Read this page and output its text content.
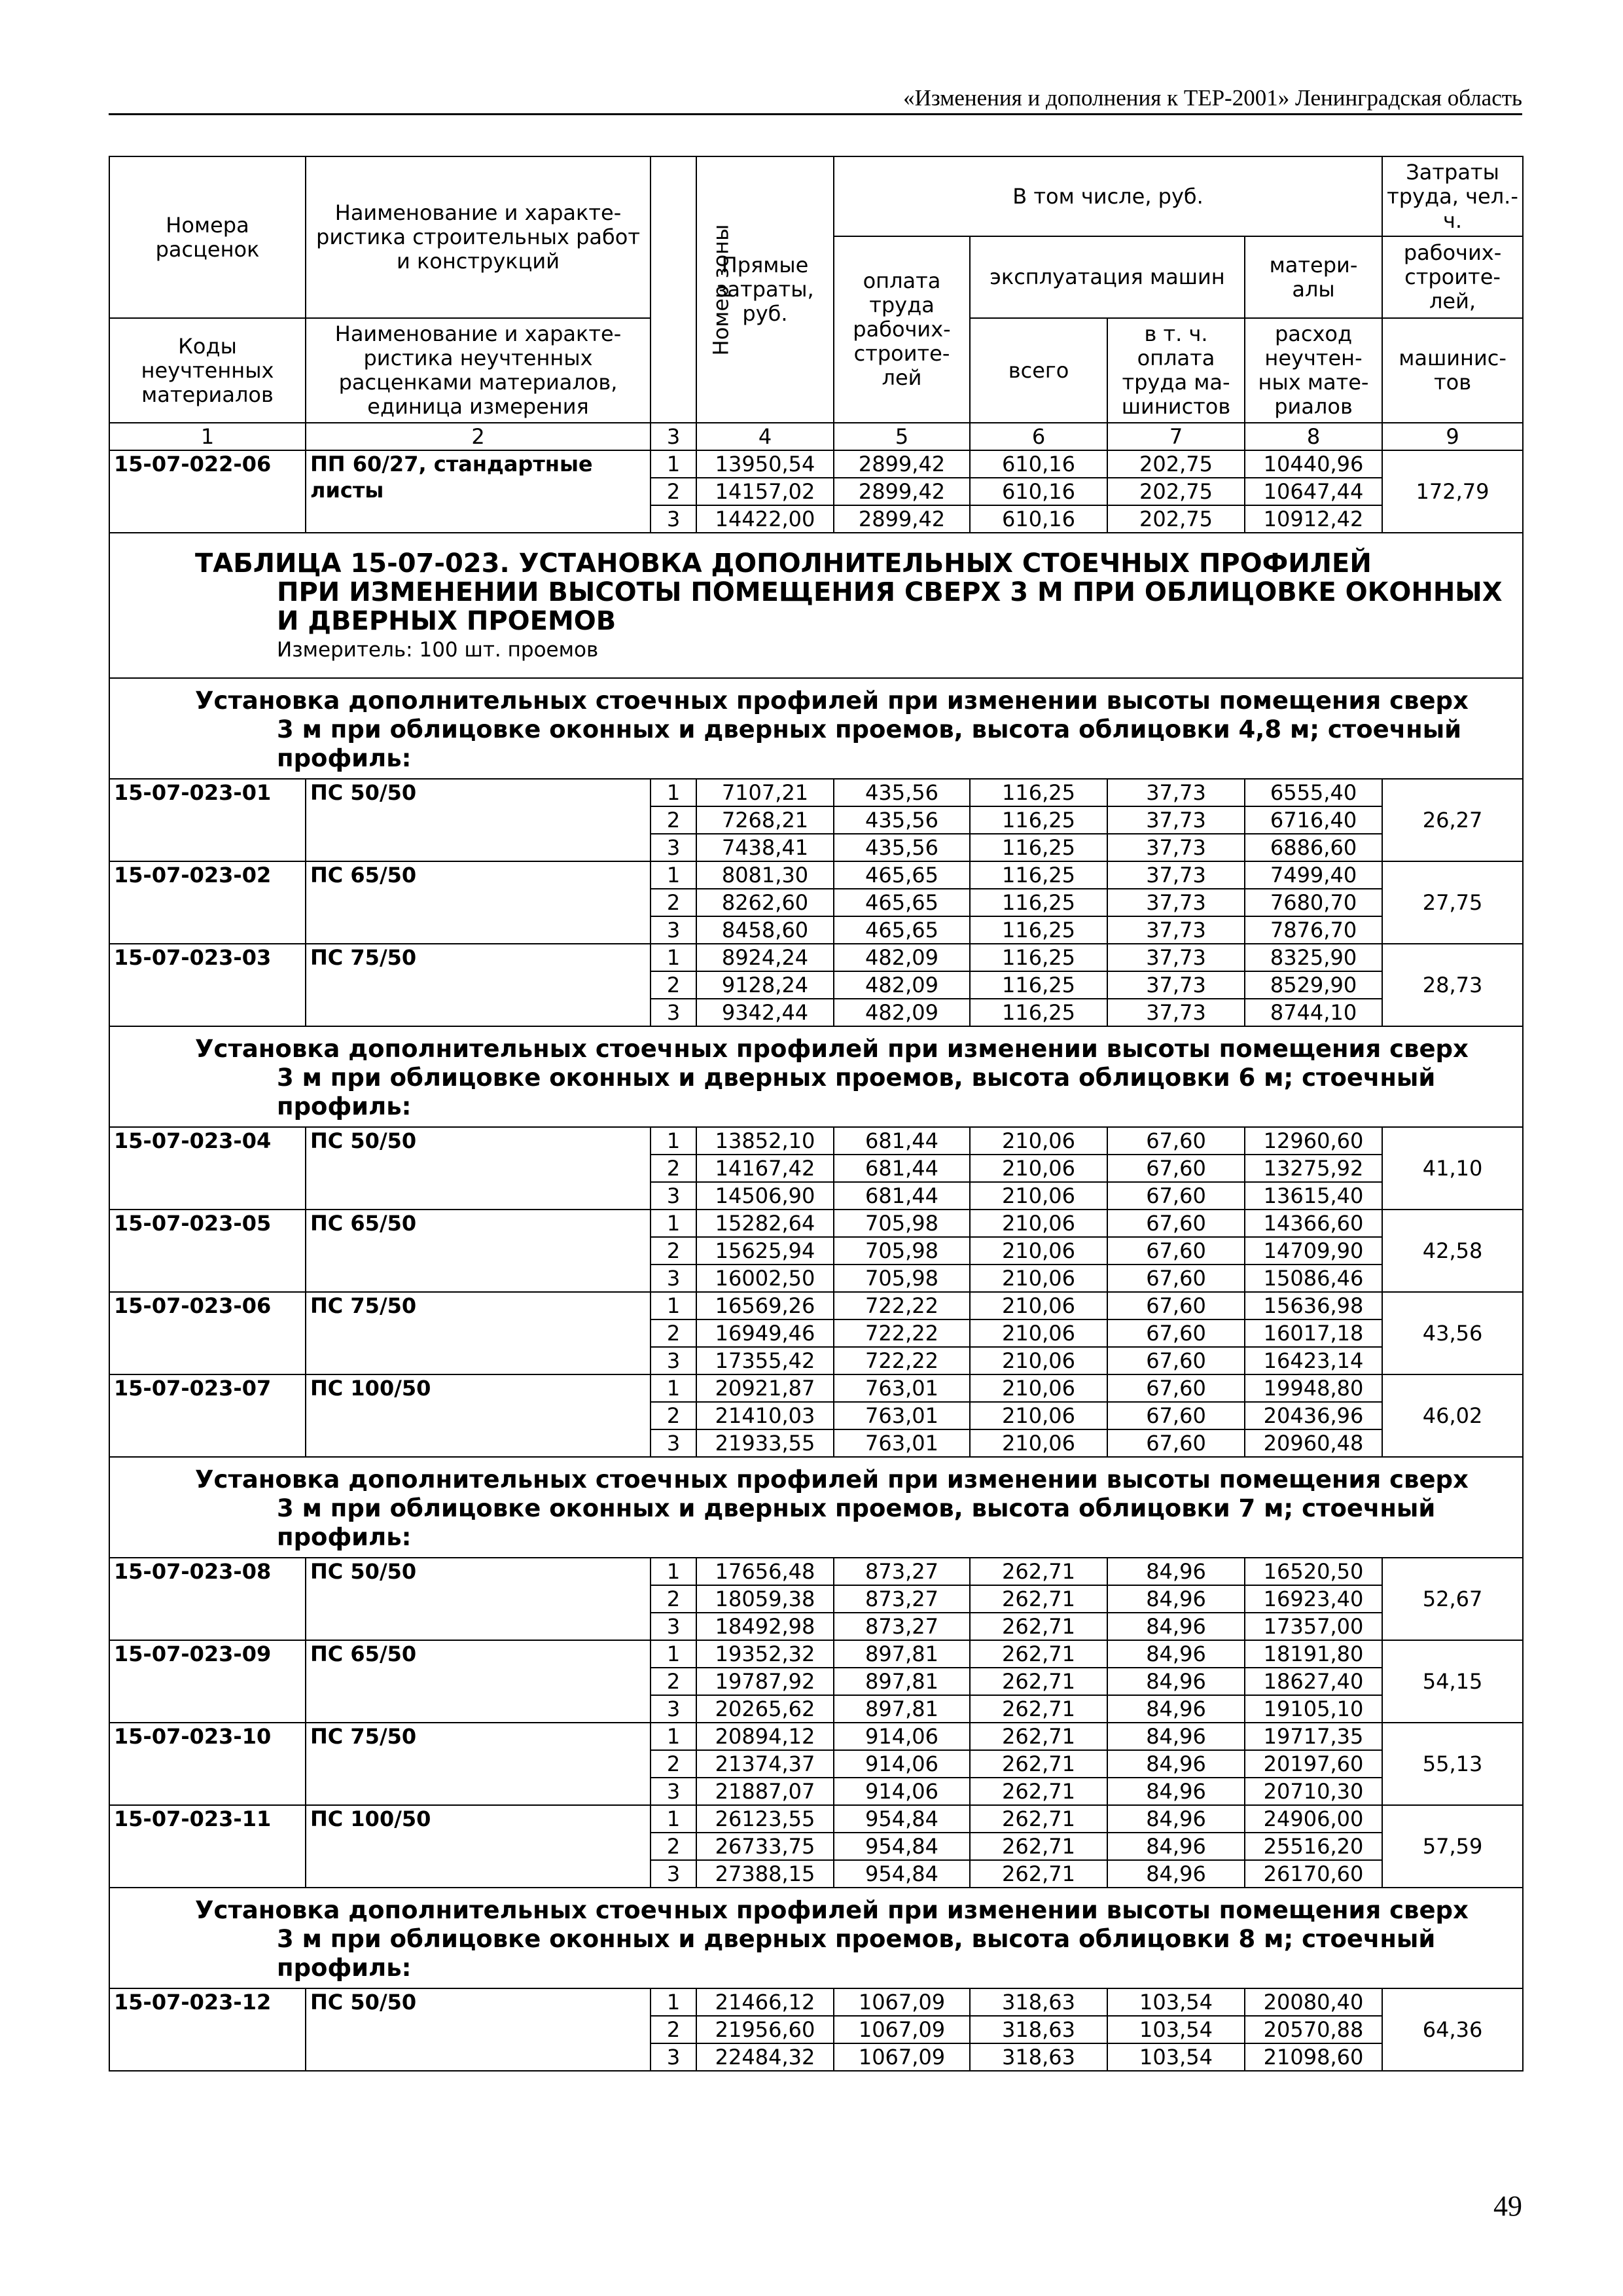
«Изменения и дополнения к ТЕР-2001» Ленинградская область
Номера расценок	Наименование и характе-ристика строительных работ и конструкций	Номер зоны	Прямые затраты, руб.	В том числе, руб.				Затраты труда, чел.-ч.
				оплата труда рабочих-строите-лей	эксплуатация машин		матери-алы	рабочих-строите-лей,
Коды неучтенных материалов	Наименование и характе-ристика неучтенных расценками материалов, единица измерения				всего	в т. ч. оплата труда ма-шинистов	расход неучтен-ных мате-риалов	машинис-тов
1	2	3	4	5	6	7	8	9
15-07-022-06	ПП 60/27, стандартные листы	1	13950,54	2899,42	610,16	202,75	10440,96	172,79
		2	14157,02	2899,42	610,16	202,75	10647,44	
		3	14422,00	2899,42	610,16	202,75	10912,42	

ТАБЛИЦА 15-07-023. УСТАНОВКА ДОПОЛНИТЕЛЬНЫХ СТОЕЧНЫХ ПРОФИЛЕЙ
ПРИ ИЗМЕНЕНИИ ВЫСОТЫ ПОМЕЩЕНИЯ СВЕРХ 3 М ПРИ ОБЛИЦОВКЕ ОКОННЫХ
И ДВЕРНЫХ ПРОЕМОВ
Измеритель: 100 шт. проемов								

Установка дополнительных стоечных профилей при изменении высоты помещения сверх
3 м при облицовке оконных и дверных проемов, высота облицовки 4,8 м; стоечный
профиль:								

15-07-023-01	ПС 50/50	1	7107,21	435,56	116,25	37,73	6555,40	26,27
		2	7268,21	435,56	116,25	37,73	6716,40	
		3	7438,41	435,56	116,25	37,73	6886,60	
15-07-023-02	ПС 65/50	1	8081,30	465,65	116,25	37,73	7499,40	27,75
		2	8262,60	465,65	116,25	37,73	7680,70	
		3	8458,60	465,65	116,25	37,73	7876,70	
15-07-023-03	ПС 75/50	1	8924,24	482,09	116,25	37,73	8325,90	28,73
		2	9128,24	482,09	116,25	37,73	8529,90	
		3	9342,44	482,09	116,25	37,73	8744,10	

Установка дополнительных стоечных профилей при изменении высоты помещения сверх
3 м при облицовке оконных и дверных проемов, высота облицовки 6 м; стоечный
профиль:								

15-07-023-04	ПС 50/50	1	13852,10	681,44	210,06	67,60	12960,60	41,10
		2	14167,42	681,44	210,06	67,60	13275,92	
		3	14506,90	681,44	210,06	67,60	13615,40	
15-07-023-05	ПС 65/50	1	15282,64	705,98	210,06	67,60	14366,60	42,58
		2	15625,94	705,98	210,06	67,60	14709,90	
		3	16002,50	705,98	210,06	67,60	15086,46	
15-07-023-06	ПС 75/50	1	16569,26	722,22	210,06	67,60	15636,98	43,56
		2	16949,46	722,22	210,06	67,60	16017,18	
		3	17355,42	722,22	210,06	67,60	16423,14	
15-07-023-07	ПС 100/50	1	20921,87	763,01	210,06	67,60	19948,80	46,02
		2	21410,03	763,01	210,06	67,60	20436,96	
		3	21933,55	763,01	210,06	67,60	20960,48	

Установка дополнительных стоечных профилей при изменении высоты помещения сверх
3 м при облицовке оконных и дверных проемов, высота облицовки 7 м; стоечный
профиль:								

15-07-023-08	ПС 50/50	1	17656,48	873,27	262,71	84,96	16520,50	52,67
		2	18059,38	873,27	262,71	84,96	16923,40	
		3	18492,98	873,27	262,71	84,96	17357,00	
15-07-023-09	ПС 65/50	1	19352,32	897,81	262,71	84,96	18191,80	54,15
		2	19787,92	897,81	262,71	84,96	18627,40	
		3	20265,62	897,81	262,71	84,96	19105,10	
15-07-023-10	ПС 75/50	1	20894,12	914,06	262,71	84,96	19717,35	55,13
		2	21374,37	914,06	262,71	84,96	20197,60	
		3	21887,07	914,06	262,71	84,96	20710,30	
15-07-023-11	ПС 100/50	1	26123,55	954,84	262,71	84,96	24906,00	57,59
		2	26733,75	954,84	262,71	84,96	25516,20	
		3	27388,15	954,84	262,71	84,96	26170,60	

Установка дополнительных стоечных профилей при изменении высоты помещения сверх
3 м при облицовке оконных и дверных проемов, высота облицовки 8 м; стоечный
профиль:								

15-07-023-12	ПС 50/50	1	21466,12	1067,09	318,63	103,54	20080,40	64,36
		2	21956,60	1067,09	318,63	103,54	20570,88	
		3	22484,32	1067,09	318,63	103,54	21098,60	
49
